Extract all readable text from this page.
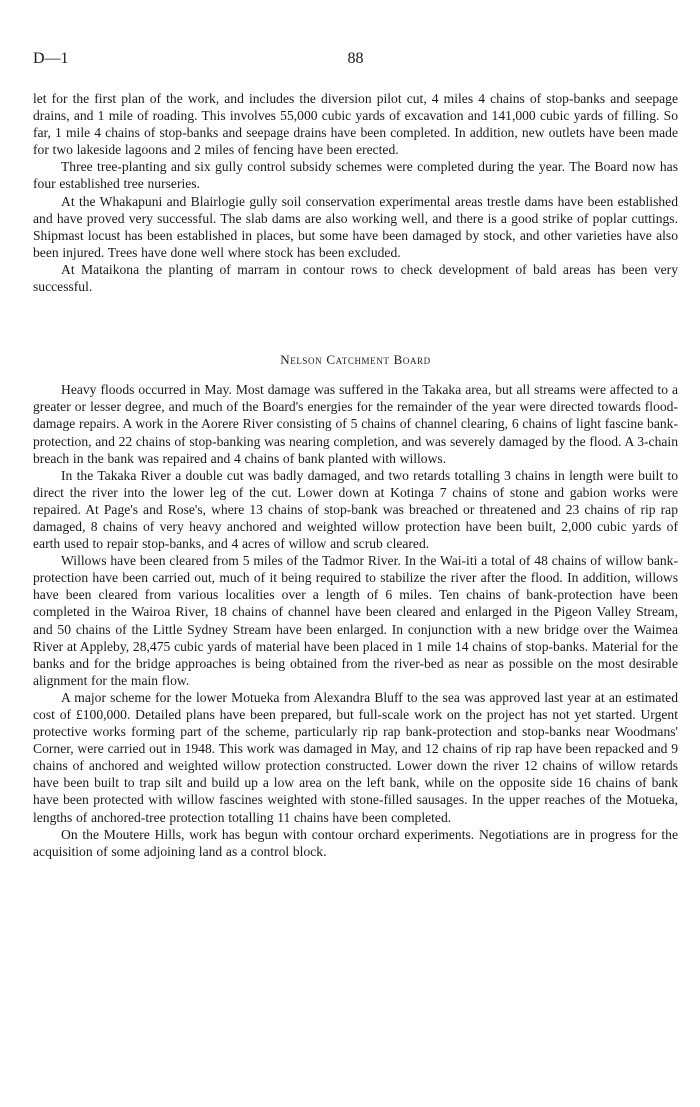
D—1	88

let for the first plan of the work, and includes the diversion pilot cut, 4 miles 4 chains of stop-banks and seepage drains, and 1 mile of roading. This involves 55,000 cubic yards of excavation and 141,000 cubic yards of filling. So far, 1 mile 4 chains of stop-banks and seepage drains have been completed. In addition, new outlets have been made for two lakeside lagoons and 2 miles of fencing have been erected.

Three tree-planting and six gully control subsidy schemes were completed during the year. The Board now has four established tree nurseries.

At the Whakapuni and Blairlogie gully soil conservation experimental areas trestle dams have been established and have proved very successful. The slab dams are also working well, and there is a good strike of poplar cuttings. Shipmast locust has been established in places, but some have been damaged by stock, and other varieties have also been injured. Trees have done well where stock has been excluded.

At Mataikona the planting of marram in contour rows to check development of bald areas has been very successful.

Nelson Catchment Board

Heavy floods occurred in May. Most damage was suffered in the Takaka area, but all streams were affected to a greater or lesser degree, and much of the Board's energies for the remainder of the year were directed towards flood-damage repairs. A work in the Aorere River consisting of 5 chains of channel clearing, 6 chains of light fascine bank-protection, and 22 chains of stop-banking was nearing completion, and was severely damaged by the flood. A 3-chain breach in the bank was repaired and 4 chains of bank planted with willows.

In the Takaka River a double cut was badly damaged, and two retards totalling 3 chains in length were built to direct the river into the lower leg of the cut. Lower down at Kotinga 7 chains of stone and gabion works were repaired. At Page's and Rose's, where 13 chains of stop-bank was breached or threatened and 23 chains of rip rap damaged, 8 chains of very heavy anchored and weighted willow protection have been built, 2,000 cubic yards of earth used to repair stop-banks, and 4 acres of willow and scrub cleared.

Willows have been cleared from 5 miles of the Tadmor River. In the Wai-iti a total of 48 chains of willow bank-protection have been carried out, much of it being required to stabilize the river after the flood. In addition, willows have been cleared from various localities over a length of 6 miles. Ten chains of bank-protection have been completed in the Wairoa River, 18 chains of channel have been cleared and enlarged in the Pigeon Valley Stream, and 50 chains of the Little Sydney Stream have been enlarged. In conjunction with a new bridge over the Waimea River at Appleby, 28,475 cubic yards of material have been placed in 1 mile 14 chains of stop-banks. Material for the banks and for the bridge approaches is being obtained from the river-bed as near as possible on the most desirable alignment for the main flow.

A major scheme for the lower Motueka from Alexandra Bluff to the sea was approved last year at an estimated cost of £100,000. Detailed plans have been prepared, but full-scale work on the project has not yet started. Urgent protective works forming part of the scheme, particularly rip rap bank-protection and stop-banks near Woodmans' Corner, were carried out in 1948. This work was damaged in May, and 12 chains of rip rap have been repacked and 9 chains of anchored and weighted willow protection constructed. Lower down the river 12 chains of willow retards have been built to trap silt and build up a low area on the left bank, while on the opposite side 16 chains of bank have been protected with willow fascines weighted with stone-filled sausages. In the upper reaches of the Motueka, lengths of anchored-tree protection totalling 11 chains have been completed.

On the Moutere Hills, work has begun with contour orchard experiments. Negotiations are in progress for the acquisition of some adjoining land as a control block.
